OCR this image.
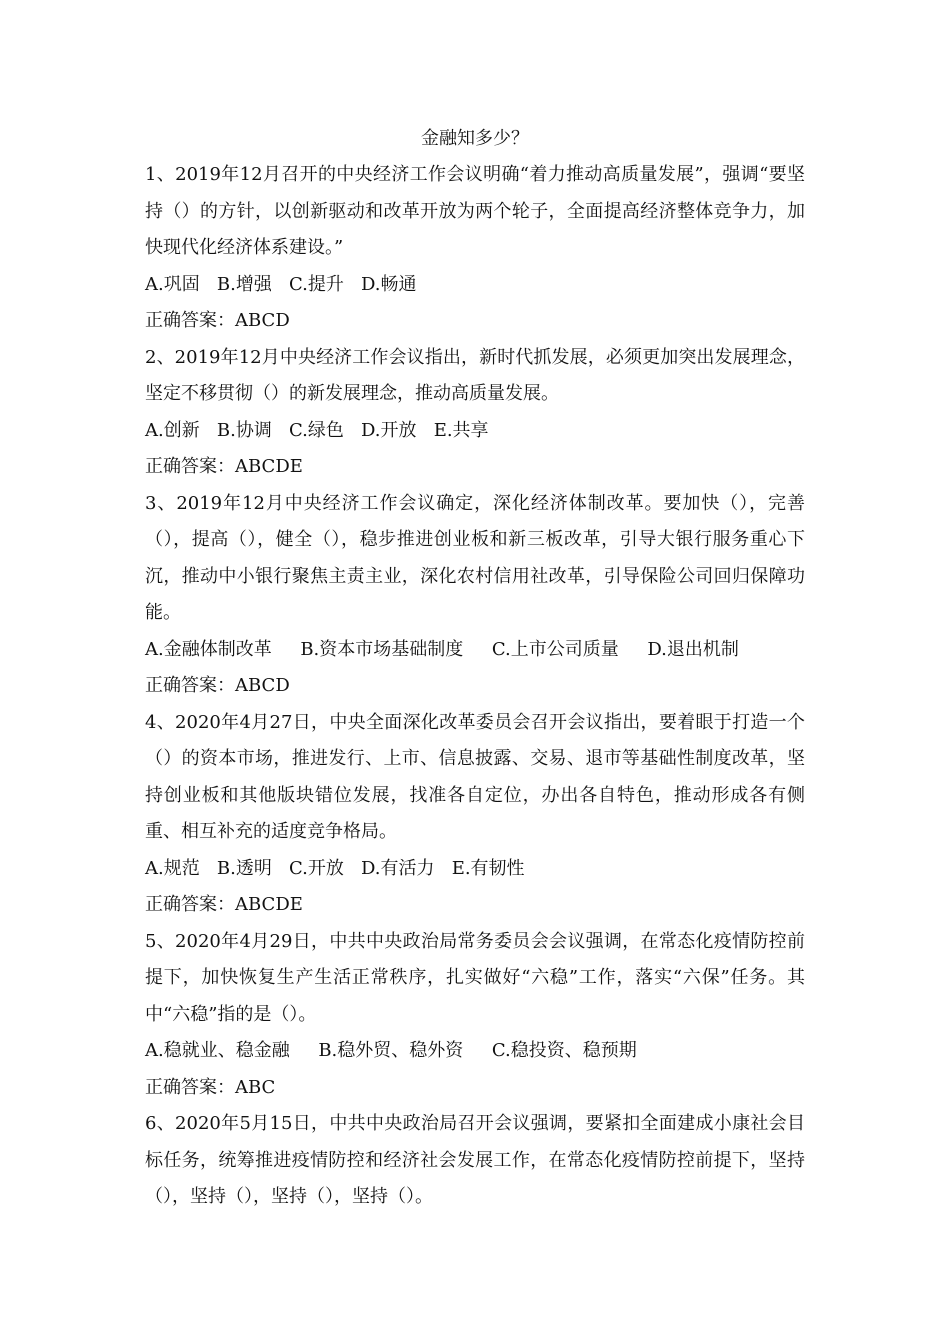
金融知多少？

1、2019年12月召开的中央经济工作会议明确“着力推动高质量发展”，强调“要坚持（）的方针，以创新驱动和改革开放为两个轮子，全面提高经济整体竞争力，加快现代化经济体系建设。”

A.巩固   B.增强   C.提升   D.畅通

正确答案：ABCD

2、2019年12月中央经济工作会议指出，新时代抓发展，必须更加突出发展理念，坚定不移贯彻（）的新发展理念，推动高质量发展。

A.创新   B.协调   C.绿色   D.开放   E.共享

正确答案：ABCDE

3、2019年12月中央经济工作会议确定，深化经济体制改革。要加快（），完善（），提高（），健全（），稳步推进创业板和新三板改革，引导大银行服务重心下沉，推动中小银行聚焦主责主业，深化农村信用社改革，引导保险公司回归保障功能。

A.金融体制改革     B.资本市场基础制度     C.上市公司质量     D.退出机制

正确答案：ABCD

4、2020年4月27日，中央全面深化改革委员会召开会议指出，要着眼于打造一个（）的资本市场，推进发行、上市、信息披露、交易、退市等基础性制度改革，坚持创业板和其他版块错位发展，找准各自定位，办出各自特色，推动形成各有侧重、相互补充的适度竞争格局。

A.规范   B.透明   C.开放   D.有活力   E.有韧性

正确答案：ABCDE

5、2020年4月29日，中共中央政治局常务委员会会议强调，在常态化疫情防控前提下，加快恢复生产生活正常秩序，扎实做好“六稳”工作，落实“六保”任务。其中“六稳”指的是（）。

A.稳就业、稳金融     B.稳外贸、稳外资     C.稳投资、稳预期

正确答案：ABC

6、2020年5月15日，中共中央政治局召开会议强调，要紧扣全面建成小康社会目标任务，统筹推进疫情防控和经济社会发展工作，在常态化疫情防控前提下，坚持（），坚持（），坚持（），坚持（）。
